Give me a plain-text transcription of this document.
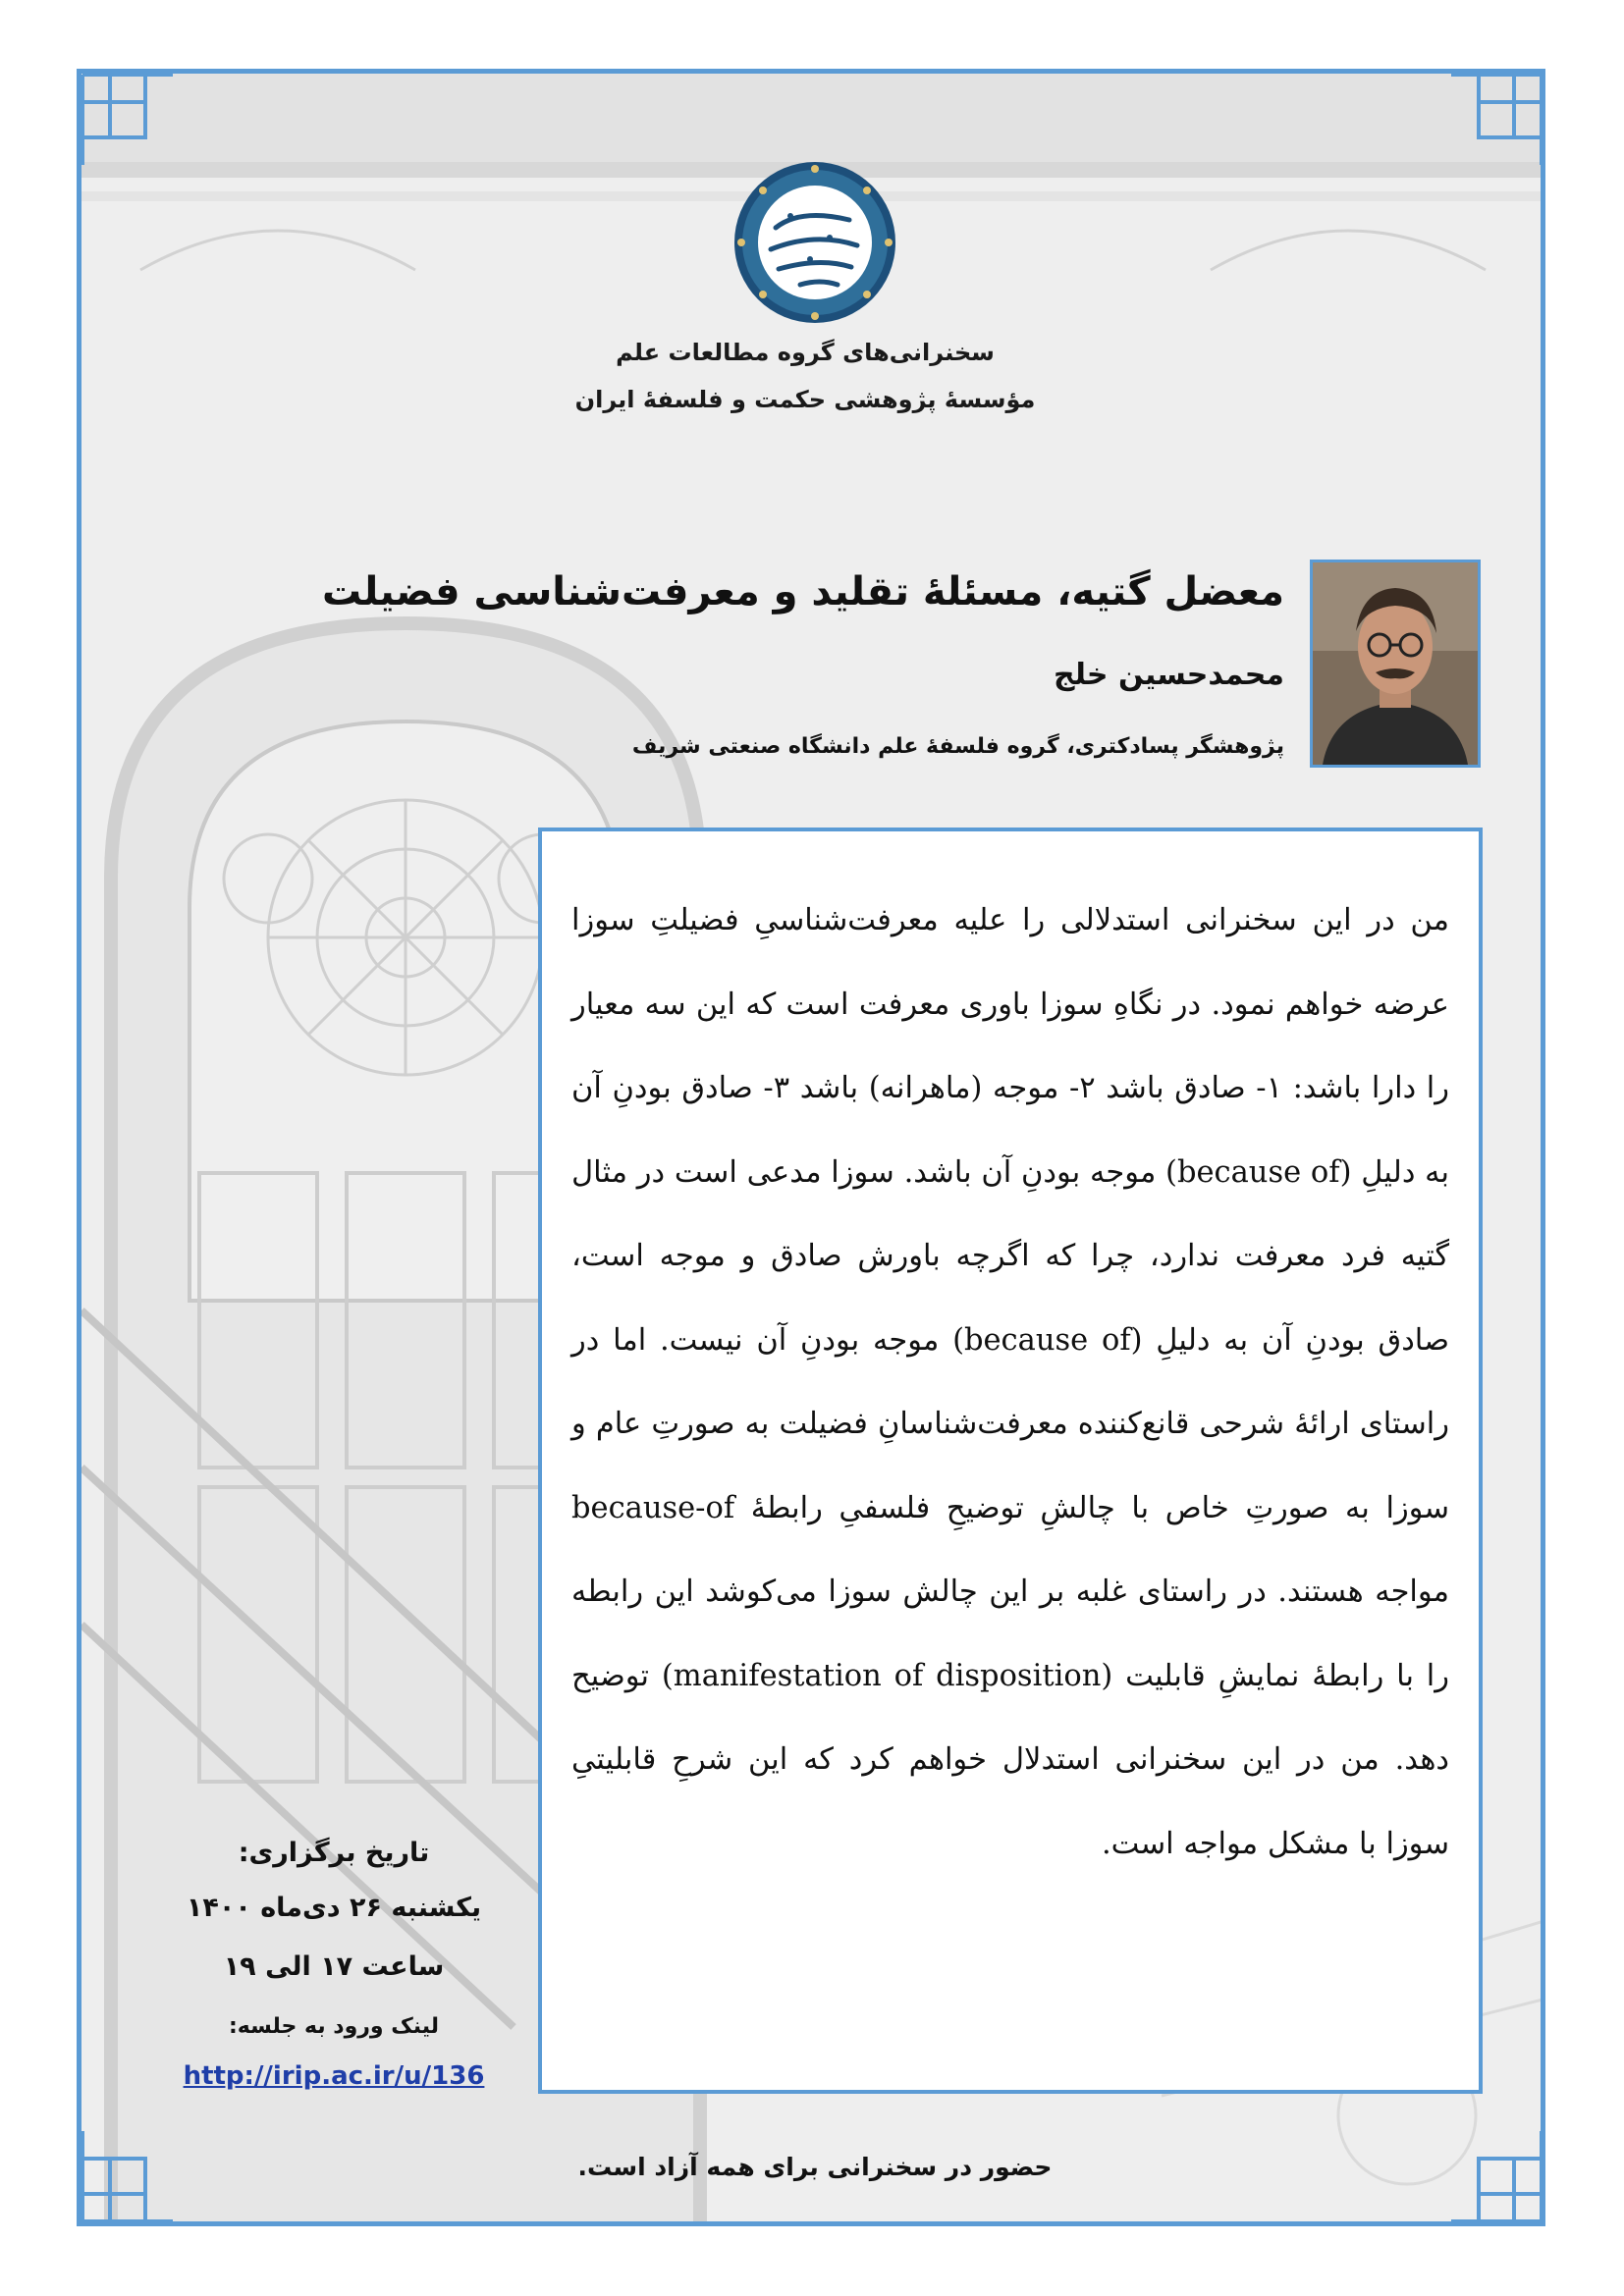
سخنرانی‌های گروه مطالعات علم
مؤسسهٔ پژوهشی حکمت و فلسفهٔ ایران
معضل گتیه، مسئلهٔ تقلید و معرفت‌شناسی فضیلت
محمدحسین خلج
پژوهشگر پسادکتری، گروه فلسفهٔ علم دانشگاه صنعتی شریف

من در این سخنرانی استدلالی را علیه معرفت‌شناسیِ فضیلتِ سوزا عرضه خواهم نمود. در نگاهِ سوزا باوری معرفت است که این سه معیار را دارا باشد: ۱- صادق باشد ۲- موجه (ماهرانه) باشد ۳- صادق بودنِ آن به دلیلِ (because of) موجه بودنِ آن باشد. سوزا مدعی است در مثال گتیه فرد معرفت ندارد، چرا که اگرچه باورش صادق و موجه است، صادق بودنِ آن به دلیلِ (because of) موجه بودنِ آن نیست. اما در راستای ارائهٔ شرحی قانع‌کننده معرفت‌شناسانِ فضیلت به صورتِ عام و سوزا به صورتِ خاص با چالشِ توضیحِ فلسفیِ رابطهٔ because-of مواجه هستند. در راستای غلبه بر این چالش سوزا می‌کوشد این رابطه را با رابطهٔ نمایشِ قابلیت (manifestation of disposition) توضیح دهد. من در این سخنرانی استدلال خواهم کرد که این شرحِ قابلیتیِ سوزا با مشکل مواجه است.

تاریخ برگزاری:
یکشنبه ۲۶ دی‌ماه ۱۴۰۰
ساعت ۱۷ الی ۱۹
لینک ورود به جلسه:
http://irip.ac.ir/u/136
حضور در سخنرانی برای همه آزاد است.
